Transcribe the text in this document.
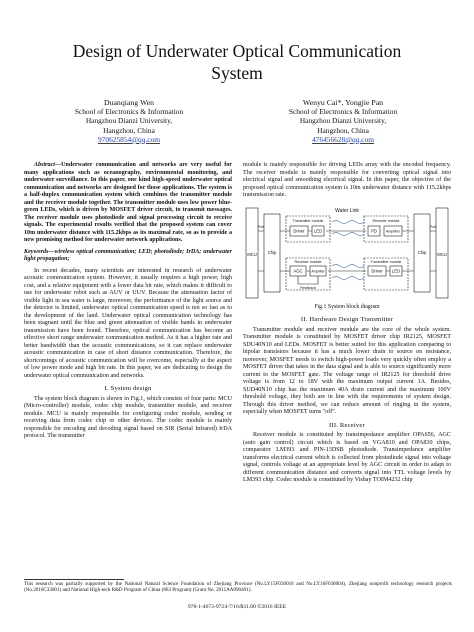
Design of Underwater Optical Communication
System
Duanqiang Wen
School of Electronics & Information
Hangzhou Dianzi University,
Hangzhou, China
970625854@qq.com
Wenyu Cai*, Yongjie Pan
School of Electronics & Information
Hangzhou Dianzi University,
Hangzhou, China
476456628@qq.com

Abstract—Underwater communication and networks are very useful for many applications such as oceanography, environmental monitoring, and underwater surveillance. In this paper, one kind high-speed underwater optical communication and networks are designed for those applications. The system is a half-duplex communication system which combines the transmitter module and the receiver module together. The transmitter module uses low power blue-green LEDs, which is driven by MOSFET driver circuit, to transmit messages. The receiver module uses photodiode and signal processing circuit to receive signals. The experimental results verified that the proposed system can cover 10m underwater distance with 115.2kbps as its maximal rate, so as to provide a new promising method for underwater network applications.

Keywords—wireless optical communication; LED; photodiode; IrDA; underwater light propagation;

In recent decades, many scientists are interested in research of underwater acoustic communication system. However, it usually requires a high power, high cost, and a relative equipment with a lower data bit rate, which makes it difficult to use for underwater robot such as AUV or UUV. Because the attenuation factor of visible light in sea water is large, moreover, the performance of the light source and the detector is limited, underwater optical communication speed is not so fast as to the development of the land. Underwater optical communication technology has been stagnant until the blue and green attenuation of visible bands in underwater transmission have been found. Therefore, optical communication has become an effective short range underwater communication method. As it has a higher rate and better bandwidth than the acoustic communications, so it can replace underwater acoustic communication in case of short distance communication. Therefore, the shortcomings of acoustic communication will be overcome, especially at the aspect of low power mode and high bit rate. In this paper, we are dedicating to design the underwater optical communication and networks.

I. System design

The system block diagram is shown in Fig.1, which consists of four parts: MCU (Micro-controller) module, codec chip module, transmitter module, and receiver module. MCU is mainly responsible for configuring codec module, sending or receiving data from codec chip or other devices. The codec module is mainly responsible for encoding and decoding signal based on SIR (Serial Infrared) IrDA protocol. The transmitter

module is mainly responsible for driving LEDs array with the encoded frequency. The receiver module is mainly responsible for converting optical signal into electrical signal and smoothing electrical signal. In this paper, the objective of the proposed optical communication system is 10m underwater distance with 115.2kbps transmission rate.

Water Link
MCU	MCU
Chip	Chip
Transmitter module	Receiver module
Receiver module	Transmitter module
Driver LED	PD	Amplifier
AGC	Amplifier	Driver LED
Feedback
Port	Port
Fig.1 System block diagram
II. Hardware Design Transmitter

Transmitter module and receiver module are the core of the whole system. Transmitter module is constituted by MOSFET driver chip IR2125, MOSFET SDU40N10 and LEDs. MOSFET is better suited for this application comparing to bipolar transistors because it has a much lower drain to source on resistance, moreover, MOSFET needs to switch high-power loads very quickly often employ a MOSFET driver that takes in the data signal and is able to source significantly more current to the MOSFET gate. The voltage range of IR2125 for threshold drive voltage is from 12 to 18V with the maximum output current 1A. Besides, SUD40N10 chip has the maximum 40A drain current and the maximum 100V threshold voltage, they both are in line with the requirements of system design. Through this driver method, we can reduce amount of ringing in the system, especially when MOSFET turns "off".

III. Receiver

Receiver module is constituted by transimpedance amplifier OPA656, AGC (auto gain control) circuit which is based on VGA810 and OPA830 chips, comparator LM393 and PIN-13DSB photodiode. Transimpedance amplifier transforms electrical current which is collected from photodiode signal into voltage signal, controls voltage at an appropriate level by AGC circuit in order to adapt to different communication distance and converts signal into TTL voltage levels by LM393 chip. Codec module is constituted by Vishay TOIM4232 chip

This research was partially supported by the National Natural Science Foundation of Zhejiang Province (No.LY15F030018 and No.LY16F030004), Zhejiang nonprofit technology research projects (No.2016C33001) and National High-tech R&D Program of China (863 Program) (Grant No. 2011AA090401).
978-1-4673-9724-7/16/$31.00 ©2016 IEEE
